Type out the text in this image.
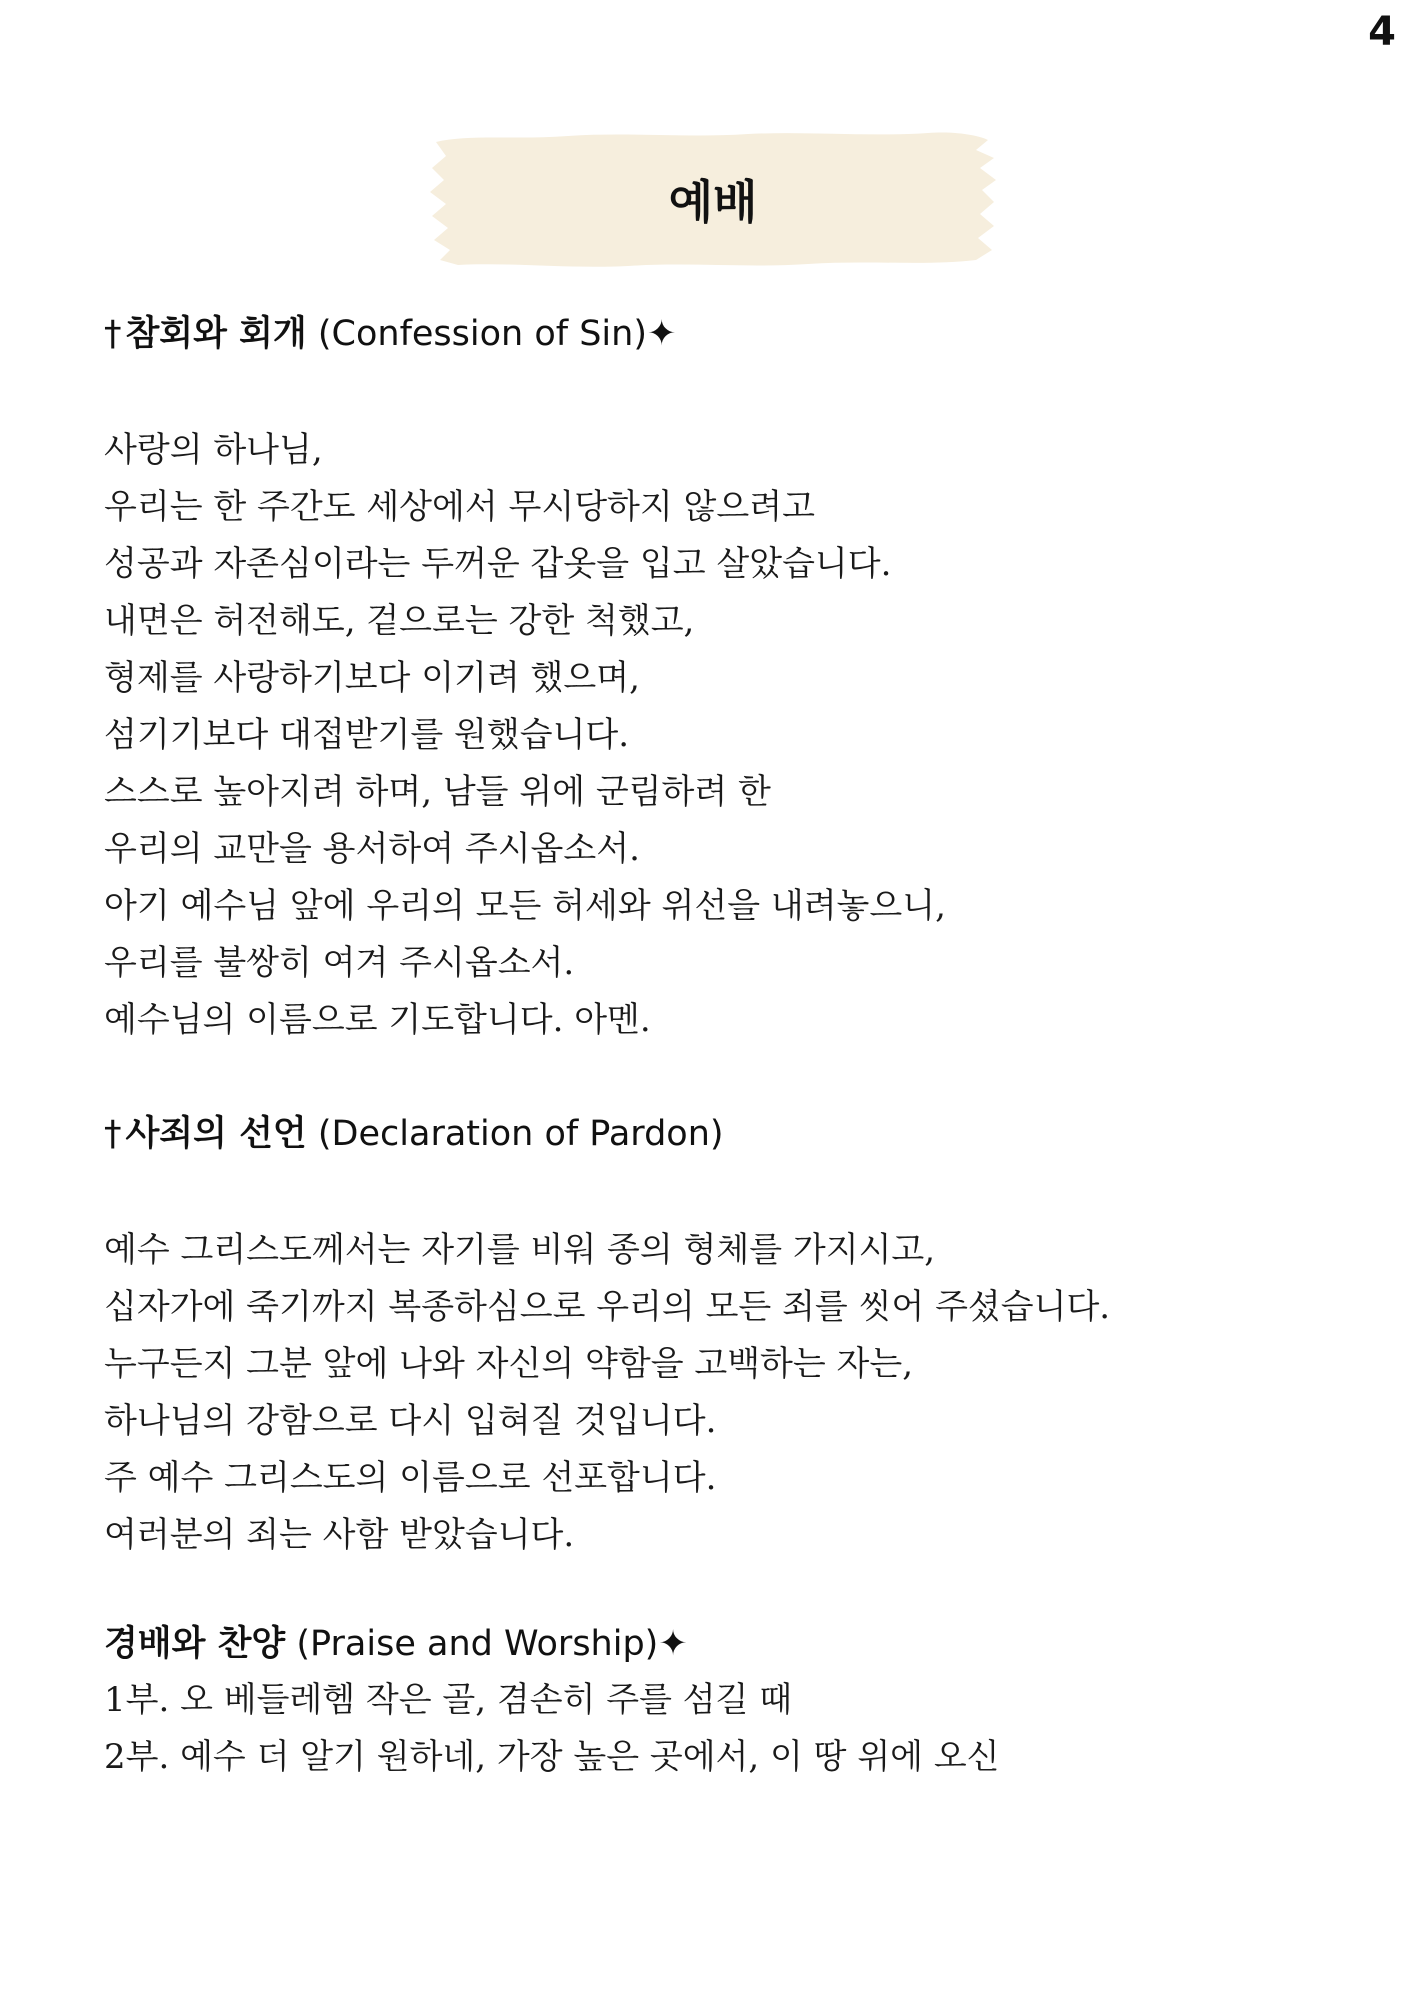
4
예배
† 참회와 회개 (Confession of Sin)✦
사랑의 하나님,
우리는 한 주간도 세상에서 무시당하지 않으려고
성공과 자존심이라는 두꺼운 갑옷을 입고 살았습니다.
내면은 허전해도, 겉으로는 강한 척했고,
형제를 사랑하기보다 이기려 했으며,
섬기기보다 대접받기를 원했습니다.
스스로 높아지려 하며, 남들 위에 군림하려 한
우리의 교만을 용서하여 주시옵소서.
아기 예수님 앞에 우리의 모든 허세와 위선을 내려놓으니,
우리를 불쌍히 여겨 주시옵소서.
예수님의 이름으로 기도합니다. 아멘.
† 사죄의 선언 (Declaration of Pardon)
예수 그리스도께서는 자기를 비워 종의 형체를 가지시고,
십자가에 죽기까지 복종하심으로 우리의 모든 죄를 씻어 주셨습니다.
누구든지 그분 앞에 나와 자신의 약함을 고백하는 자는,
하나님의 강함으로 다시 입혀질 것입니다.
주 예수 그리스도의 이름으로 선포합니다.
여러분의 죄는 사함 받았습니다.
경배와 찬양 (Praise and Worship)✦
1부. 오 베들레헴 작은 골, 겸손히 주를 섬길 때
2부. 예수 더 알기 원하네, 가장 높은 곳에서, 이 땅 위에 오신
